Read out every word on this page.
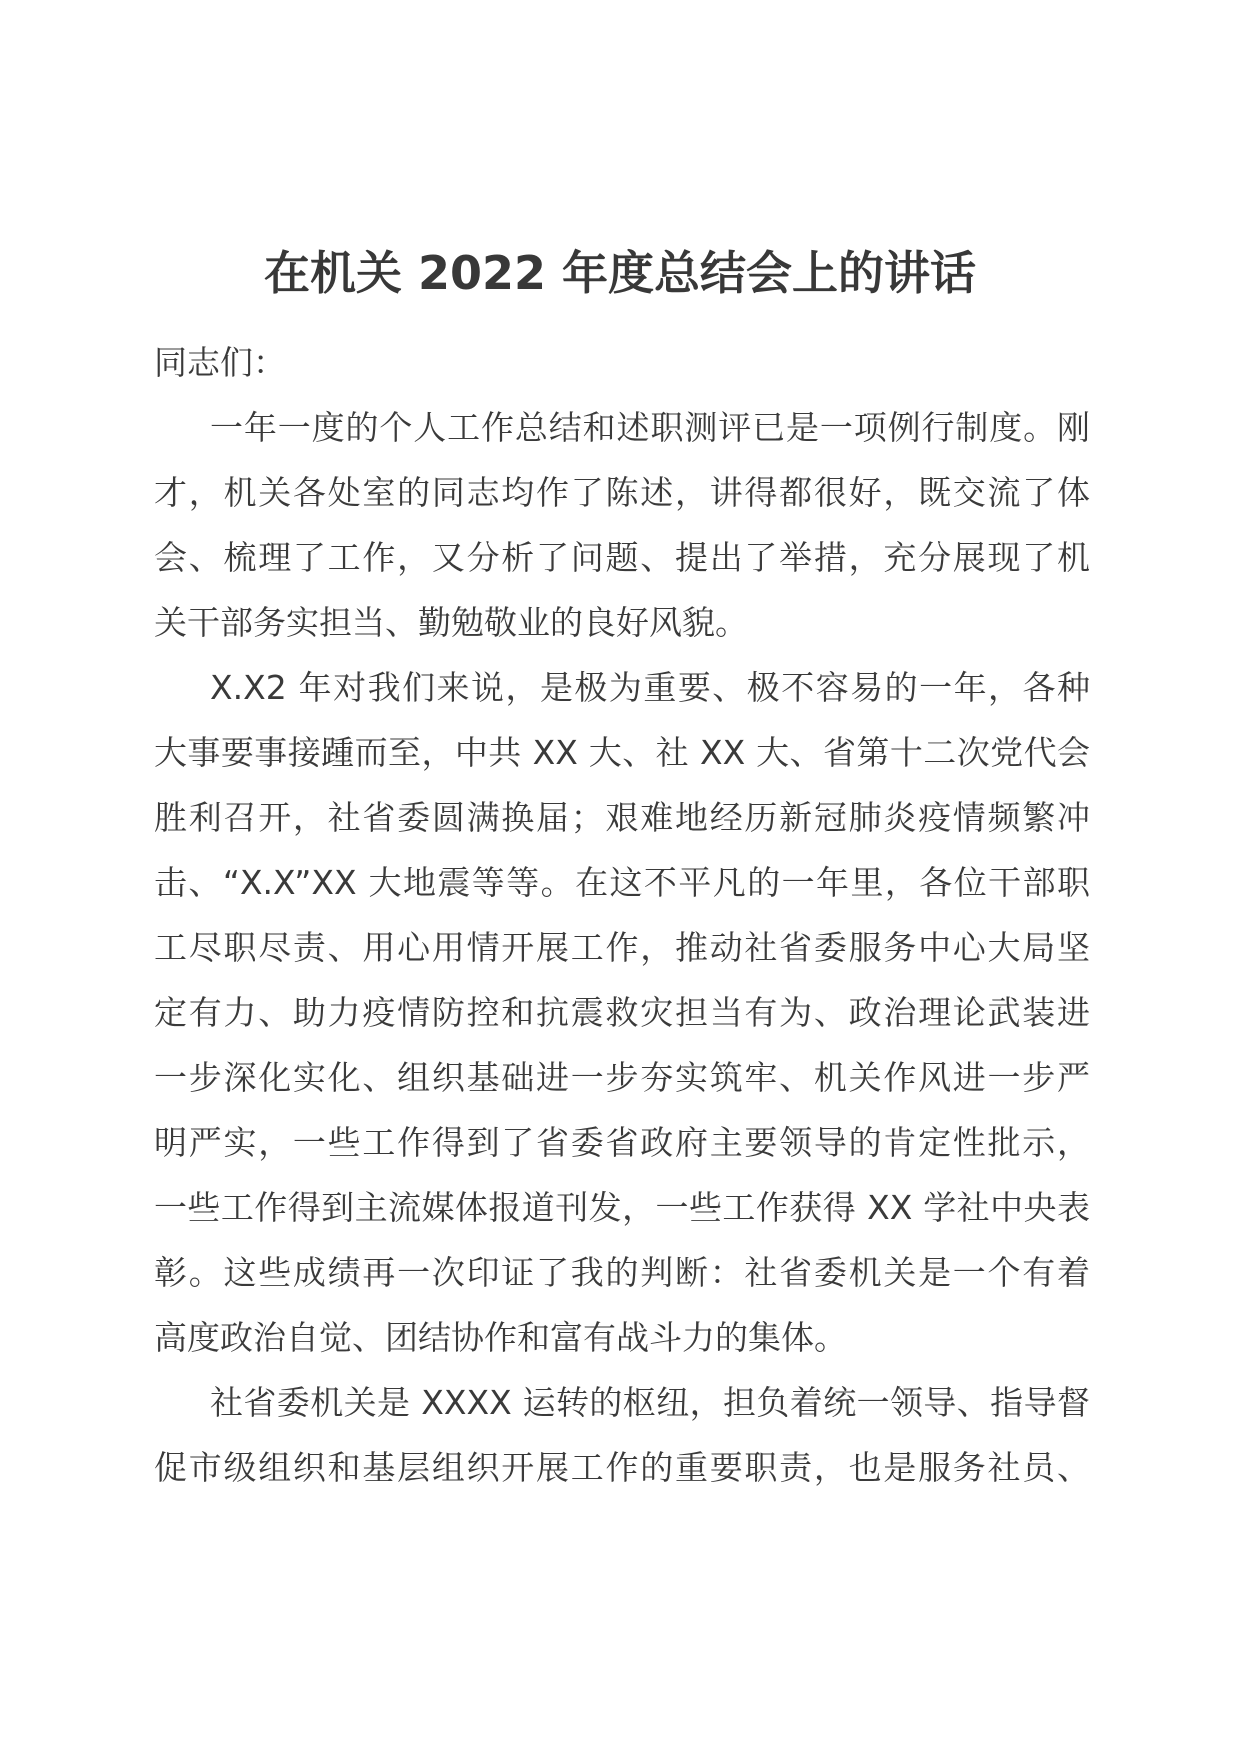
在机关 2022 年度总结会上的讲话
同志们：
一年一度的个人工作总结和述职测评已是一项例行制度。刚
才，机关各处室的同志均作了陈述，讲得都很好，既交流了体
会、梳理了工作，又分析了问题、提出了举措，充分展现了机
关干部务实担当、勤勉敬业的良好风貌。
X.X2 年对我们来说，是极为重要、极不容易的一年，各种
大事要事接踵而至，中共 XX 大、社 XX 大、省第十二次党代会
胜利召开，社省委圆满换届；艰难地经历新冠肺炎疫情频繁冲
击、“X.X”XX 大地震等等。在这不平凡的一年里，各位干部职
工尽职尽责、用心用情开展工作，推动社省委服务中心大局坚
定有力、助力疫情防控和抗震救灾担当有为、政治理论武装进
一步深化实化、组织基础进一步夯实筑牢、机关作风进一步严
明严实，一些工作得到了省委省政府主要领导的肯定性批示，
一些工作得到主流媒体报道刊发，一些工作获得 XX 学社中央表
彰。这些成绩再一次印证了我的判断：社省委机关是一个有着
高度政治自觉、团结协作和富有战斗力的集体。
社省委机关是 XXXX 运转的枢纽，担负着统一领导、指导督
促市级组织和基层组织开展工作的重要职责，也是服务社员、
